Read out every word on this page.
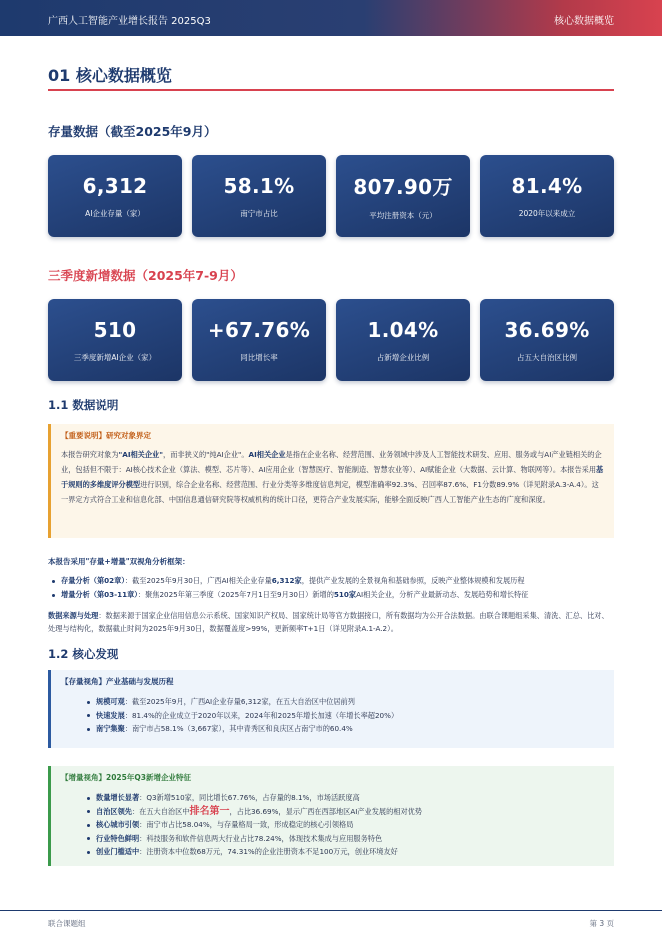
广西人工智能产业增长报告 2025Q3	核心数据概览
01 核心数据概览
存量数据（截至2025年9月）
6,312
AI企业存量（家）
58.1%
南宁市占比
807.90万
平均注册资本（元）
81.4%
2020年以来成立
三季度新增数据（2025年7-9月）
510
三季度新增AI企业（家）
+67.76%
同比增长率
1.04%
占新增企业比例
36.69%
占五大自治区比例
1.1 数据说明
【重要说明】研究对象界定
本报告研究对象为"AI相关企业"，而非狭义的"纯AI企业"。AI相关企业是指在企业名称、经营范围、业务领域中涉及人工智能技术研发、应用、服务或与AI产业链相关的企业，包括但不限于：AI核心技术企业（算法、模型、芯片等）、AI应用企业（智慧医疗、智能制造、智慧农业等）、AI赋能企业（大数据、云计算、物联网等）。本报告采用基于规则的多维度评分模型进行识别，综合企业名称、经营范围、行业分类等多维度信息判定，模型准确率92.3%、召回率87.6%、F1分数89.9%（详见附录A.3-A.4）。这一界定方式符合工业和信息化部、中国信息通信研究院等权威机构的统计口径，更符合产业发展实际，能够全面反映广西人工智能产业生态的广度和深度。
本报告采用"存量+增量"双视角分析框架：
存量分析（第02章）：截至2025年9月30日，广西AI相关企业存量6,312家，提供产业发展的全景视角和基础参照，反映产业整体规模和发展历程
增量分析（第03-11章）：聚焦2025年第三季度（2025年7月1日至9月30日）新增的510家AI相关企业，分析产业最新动态、发展趋势和增长特征
数据来源与处理：数据来源于国家企业信用信息公示系统、国家知识产权局、国家统计局等官方数据接口，所有数据均为公开合法数据。由联合课题组采集、清洗、汇总、比对、处理与结构化，数据截止时间为2025年9月30日，数据覆盖度>99%，更新频率T+1日（详见附录A.1-A.2）。
1.2 核心发现
【存量视角】产业基础与发展历程
规模可观：截至2025年9月，广西AI企业存量6,312家，在五大自治区中位居前列
快速发展：81.4%的企业成立于2020年以来，2024年和2025年增长加速（年增长率超20%）
南宁集聚：南宁市占58.1%（3,667家），其中青秀区和良庆区占南宁市的60.4%
【增量视角】2025年Q3新增企业特征
数量增长显著：Q3新增510家，同比增长67.76%，占存量的8.1%，市场活跃度高
自治区领先：在五大自治区中排名第一，占比36.69%，显示广西在西部地区AI产业发展的相对优势
核心城市引领：南宁市占比58.04%，与存量格局一致，形成稳定的核心引领格局
行业特色鲜明：科技服务和软件信息两大行业占比78.24%，体现技术集成与应用服务特色
创业门槛适中：注册资本中位数68万元，74.31%的企业注册资本不足100万元，创业环境友好
联合课题组	第 3 页
